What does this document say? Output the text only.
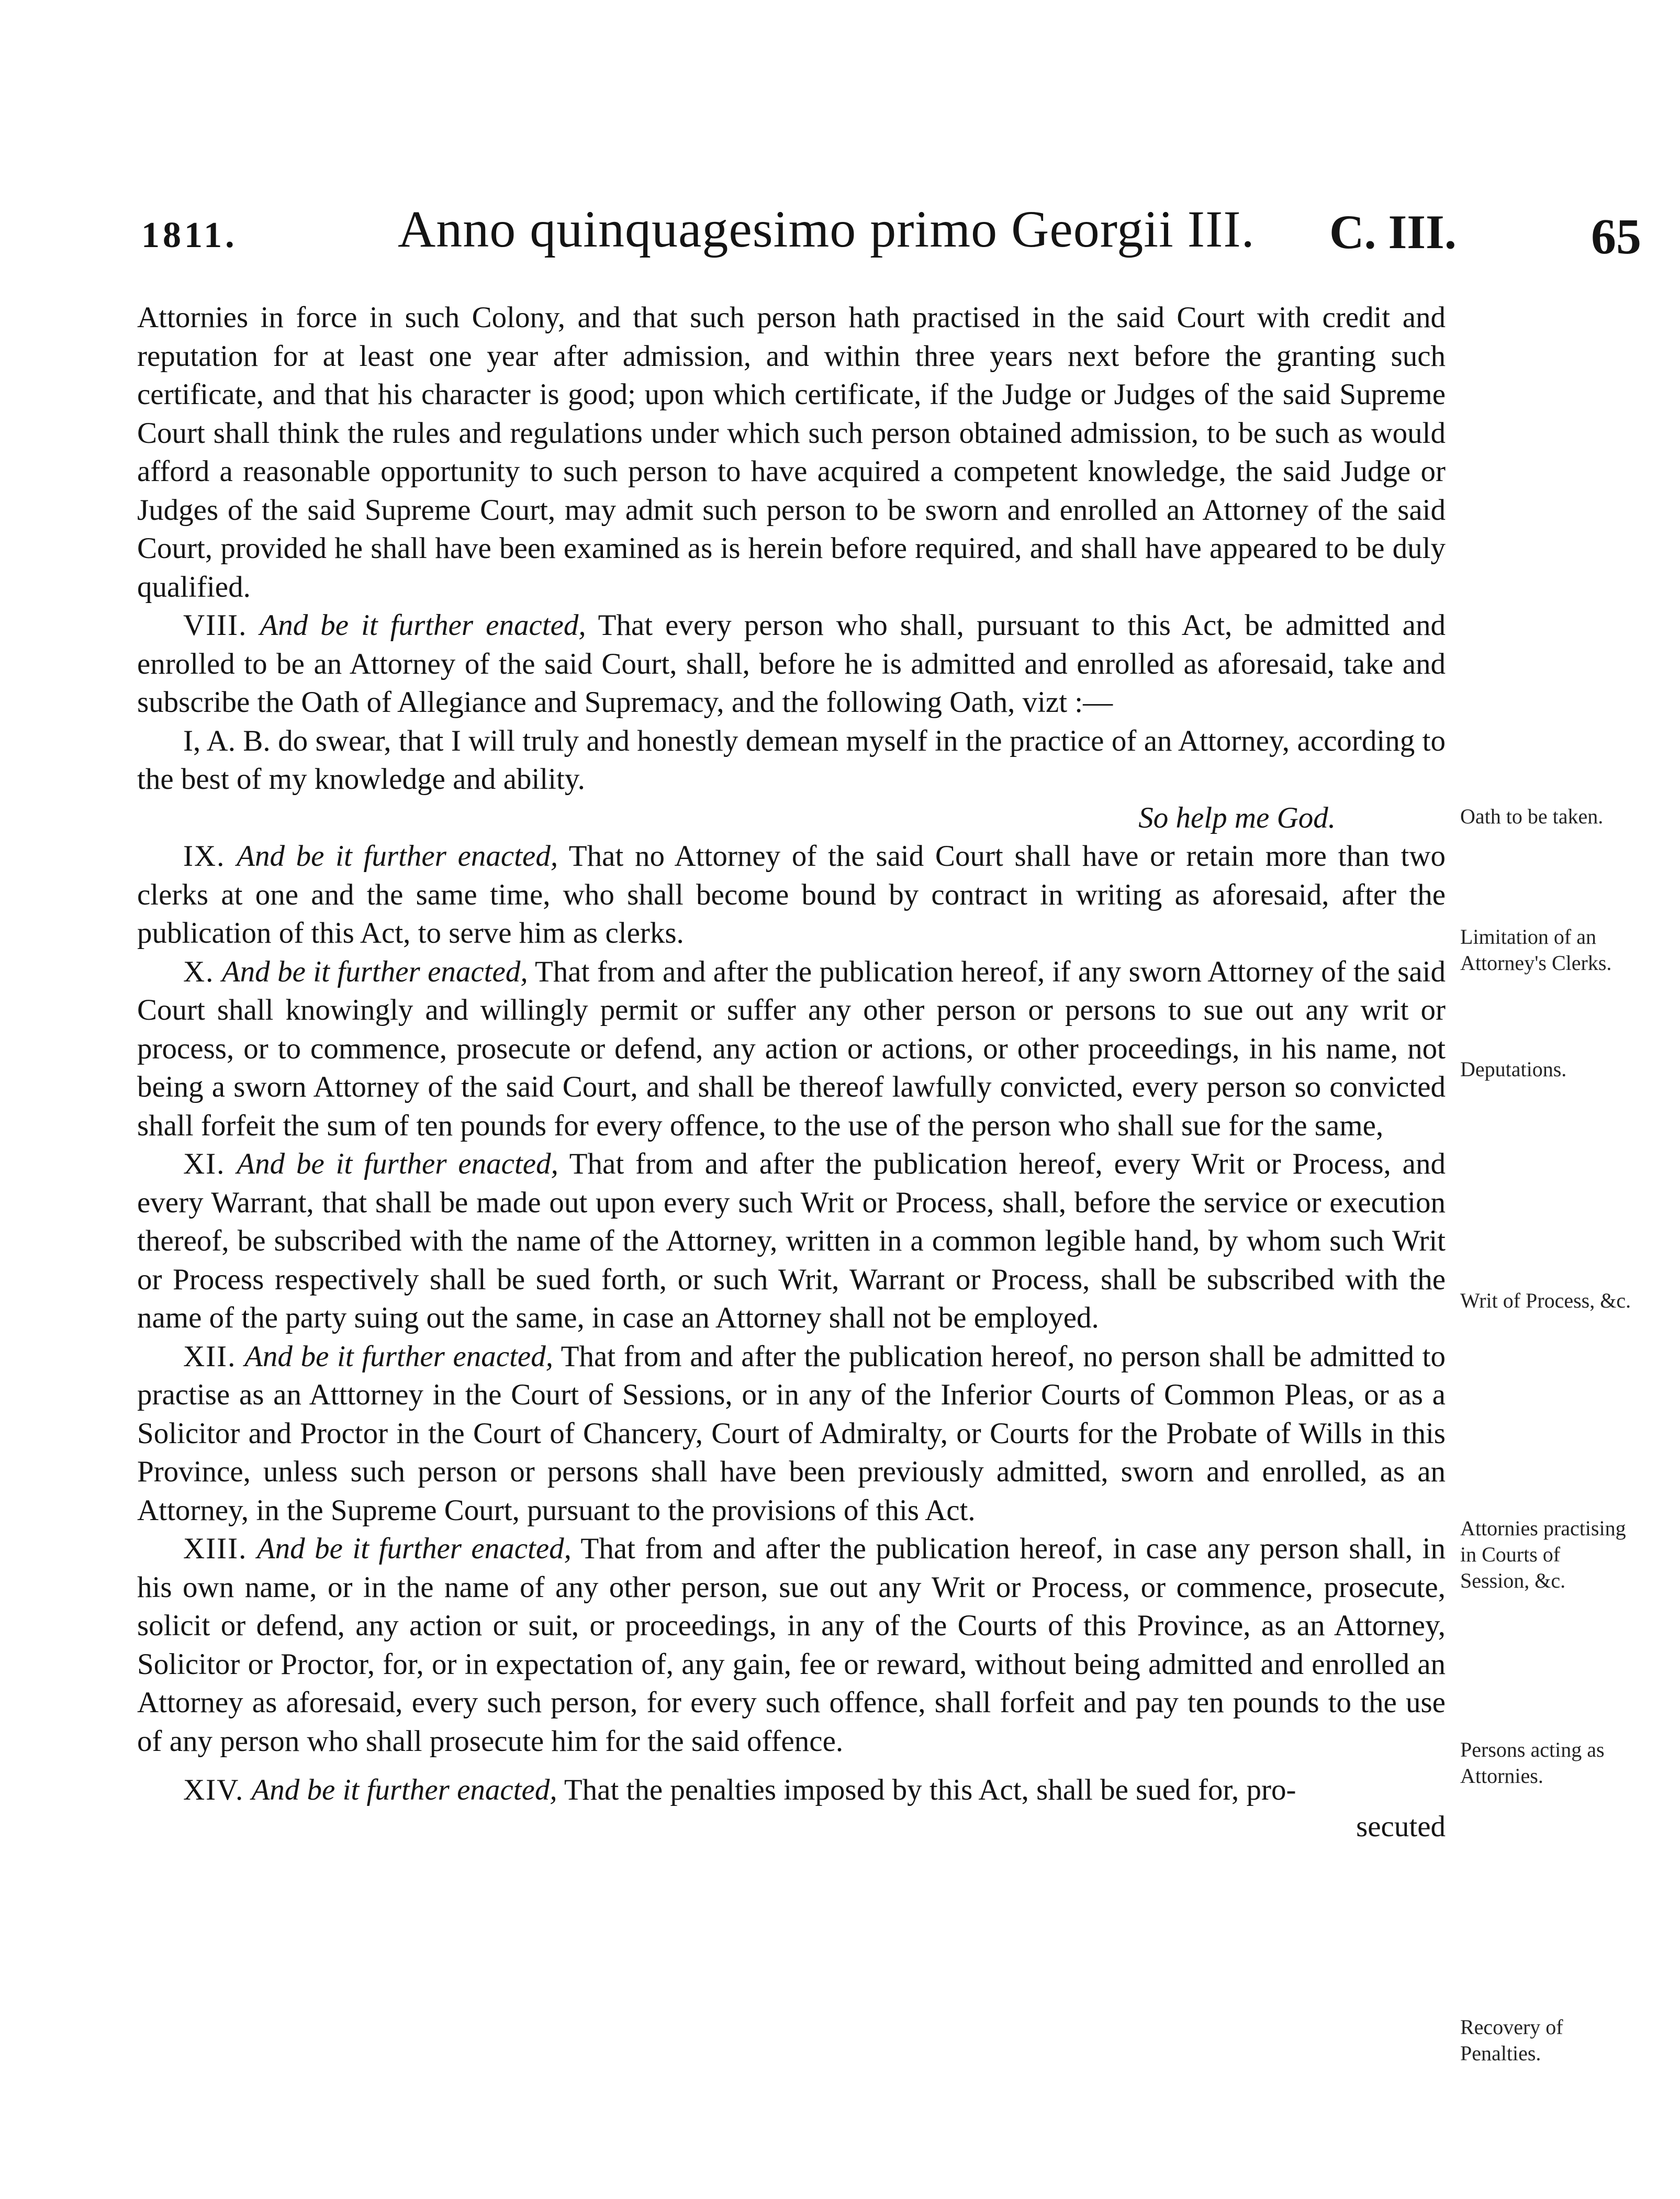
1811.	Anno quinquagesimo primo Georgii III. C. III.	65

Attornies in force in such Colony, and that such person hath practised in the said Court with credit and reputation for at least one year after admission, and within three years next before the granting such certificate, and that his character is good; upon which certificate, if the Judge or Judges of the said Supreme Court shall think the rules and regulations under which such person obtained admission, to be such as would afford a reasonable opportunity to such person to have acquired a competent knowledge, the said Judge or Judges of the said Supreme Court, may admit such person to be sworn and enrolled an Attorney of the said Court, provided he shall have been examined as is herein before required, and shall have appeared to be duly qualified.

VIII. And be it further enacted, That every person who shall, pursuant to this Act, be admitted and enrolled to be an Attorney of the said Court, shall, before he is admitted and enrolled as aforesaid, take and subscribe the Oath of Allegiance and Supremacy, and the following Oath, vizt :—

I, A. B. do swear, that I will truly and honestly demean myself in the practice of an Attorney, according to the best of my knowledge and ability.

So help me God.

IX. And be it further enacted, That no Attorney of the said Court shall have or retain more than two clerks at one and the same time, who shall become bound by contract in writing as aforesaid, after the publication of this Act, to serve him as clerks.

X. And be it further enacted, That from and after the publication hereof, if any sworn Attorney of the said Court shall knowingly and willingly permit or suffer any other person or persons to sue out any writ or process, or to commence, prosecute or defend, any action or actions, or other proceedings, in his name, not being a sworn Attorney of the said Court, and shall be thereof lawfully convicted, every person so convicted shall forfeit the sum of ten pounds for every offence, to the use of the person who shall sue for the same,

XI. And be it further enacted, That from and after the publication hereof, every Writ or Process, and every Warrant, that shall be made out upon every such Writ or Process, shall, before the service or execution thereof, be subscribed with the name of the Attorney, written in a common legible hand, by whom such Writ or Process respectively shall be sued forth, or such Writ, Warrant or Process, shall be subscribed with the name of the party suing out the same, in case an Attorney shall not be employed.

XII. And be it further enacted, That from and after the publication hereof, no person shall be admitted to practise as an Atttorney in the Court of Sessions, or in any of the Inferior Courts of Common Pleas, or as a Solicitor and Proctor in the Court of Chancery, Court of Admiralty, or Courts for the Probate of Wills in this Province, unless such person or persons shall have been previously admitted, sworn and enrolled, as an Attorney, in the Supreme Court, pursuant to the provisions of this Act.

XIII. And be it further enacted, That from and after the publication hereof, in case any person shall, in his own name, or in the name of any other person, sue out any Writ or Process, or commence, prosecute, solicit or defend, any action or suit, or proceedings, in any of the Courts of this Province, as an Attorney, Solicitor or Proctor, for, or in expectation of, any gain, fee or reward, without being admitted and enrolled an Attorney as aforesaid, every such person, for every such offence, shall forfeit and pay ten pounds to the use of any person who shall prosecute him for the said offence.

XIV. And be it further enacted, That the penalties imposed by this Act, shall be sued for, pro-

secuted

Oath to be taken.
Limitation of an Attorney's Clerks.
Deputations.
Writ of Process, &c.
Attornies practising in Courts of Session, &c.
Persons acting as Attornies.
Recovery of Penalties.
